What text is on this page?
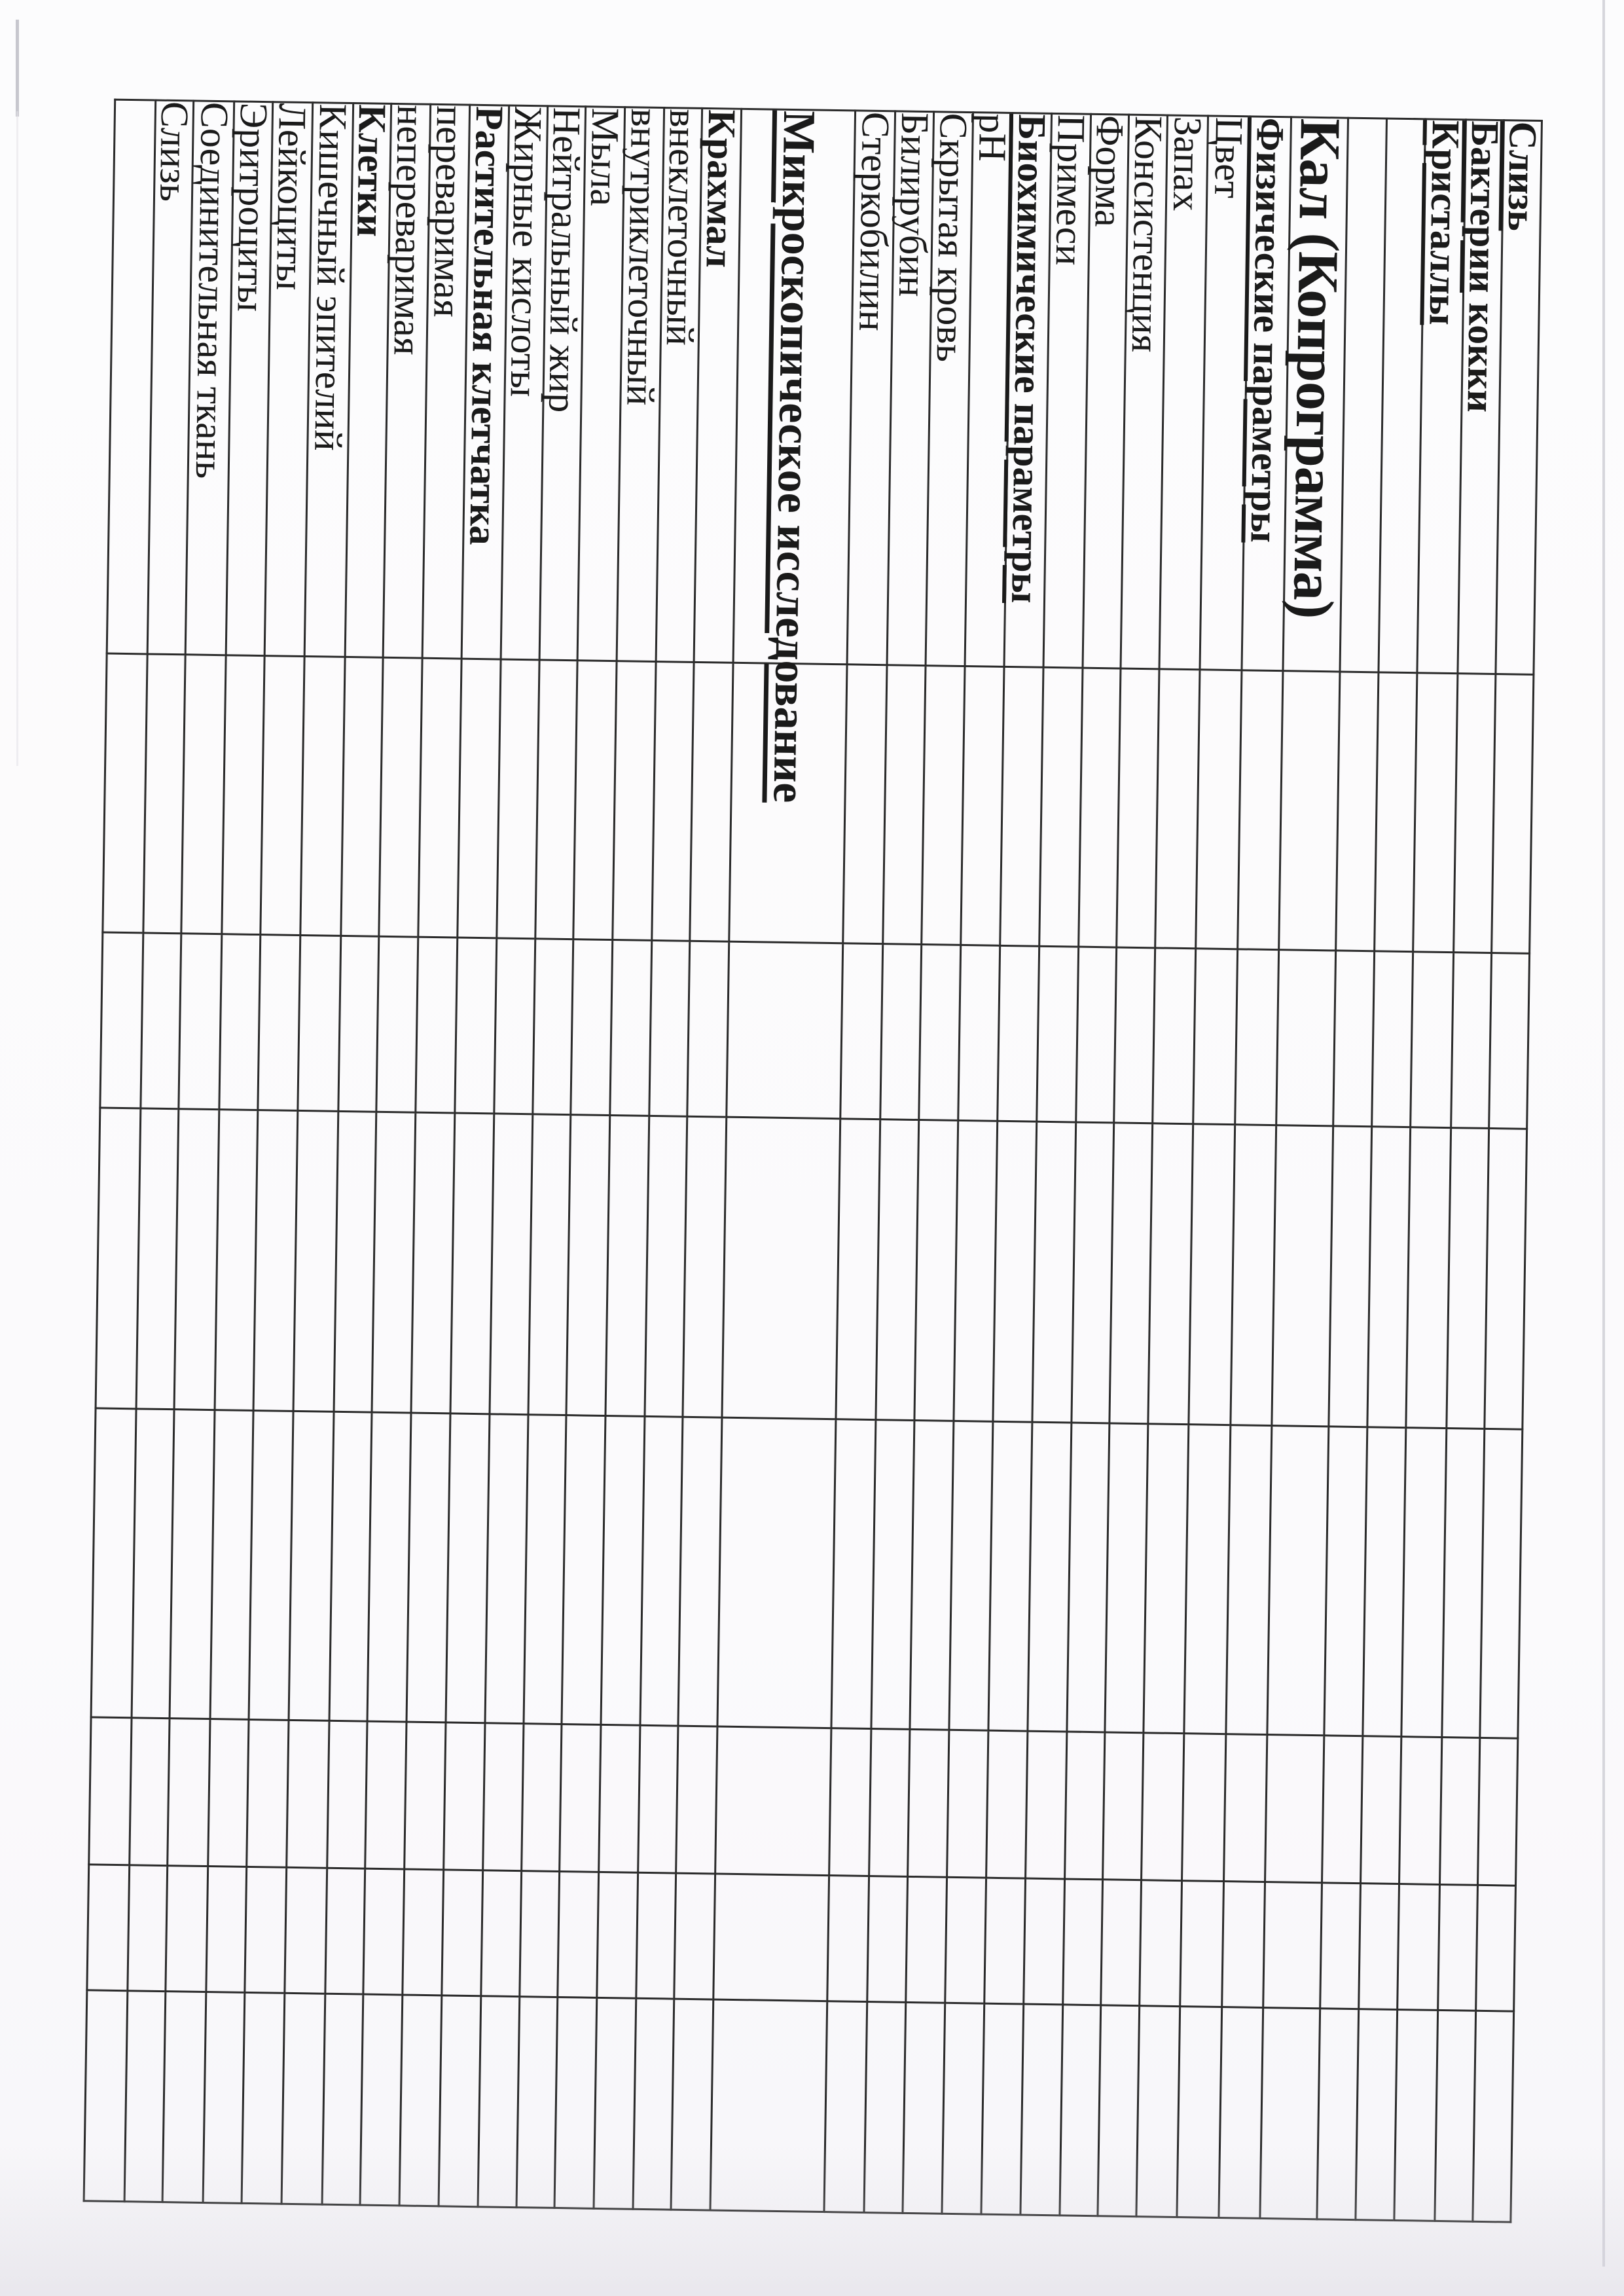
Слизь							
Бактерии кокки							
Кристаллы							

Кал (Копрограмма)							
Физические параметры							
Цвет							
Запах							
Консистенция							
Форма							
Примеси							
Биохимические параметры							
рН							
Скрытая кровь							
Билирубин							
Стеркобилин							
Микроскопическое исследование							
Крахмал							
внеклеточный							
внутриклеточный							
Мыла							
Нейтральный жир							
Жирные кислоты							
Растительная клетчатка							
переваримая							
непереваримая							
Клетки							
Кишечный эпителий							
Лейкоциты							
Эритроциты							
Соединительная ткань							
Слизь							
